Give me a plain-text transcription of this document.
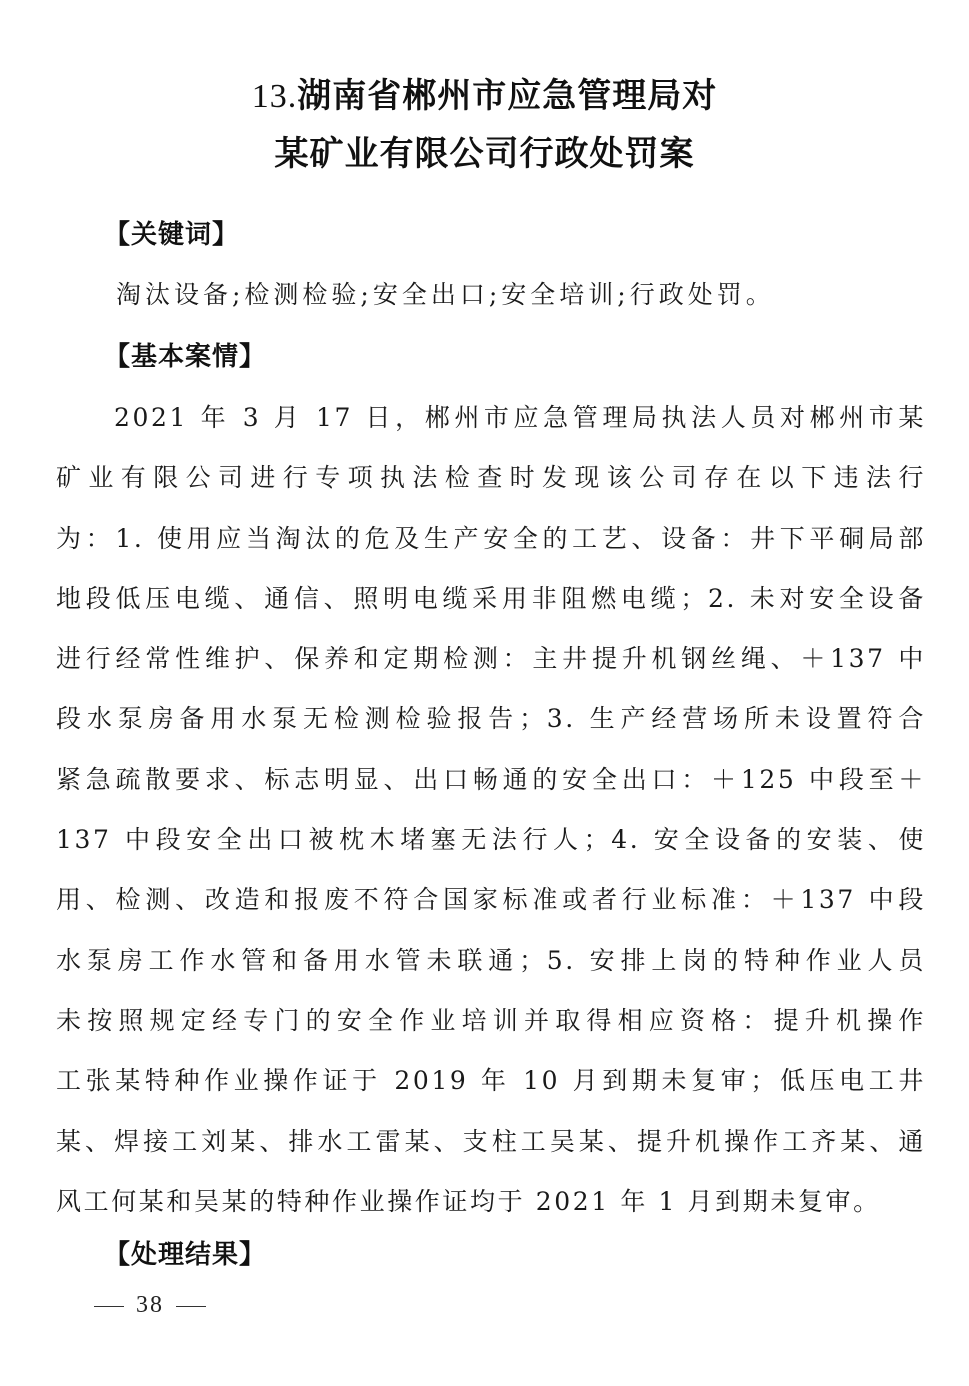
13.湖南省郴州市应急管理局对
某矿业有限公司行政处罚案
【关键词】
淘汰设备;检测检验;安全出口;安全培训;行政处罚。
【基本案情】
2021 年 3 月 17 日，郴州市应急管理局执法人员对郴州市某
矿业有限公司进行专项执法检查时发现该公司存在以下违法行
为：1. 使用应当淘汰的危及生产安全的工艺、设备：井下平硐局部
地段低压电缆、通信、照明电缆采用非阻燃电缆；2. 未对安全设备
进行经常性维护、保养和定期检测：主井提升机钢丝绳、＋137 中
段水泵房备用水泵无检测检验报告；3. 生产经营场所未设置符合
紧急疏散要求、标志明显、出口畅通的安全出口：＋125 中段至＋
137 中段安全出口被枕木堵塞无法行人；4. 安全设备的安装、使
用、检测、改造和报废不符合国家标准或者行业标准：＋137 中段
水泵房工作水管和备用水管未联通；5. 安排上岗的特种作业人员
未按照规定经专门的安全作业培训并取得相应资格：提升机操作
工张某特种作业操作证于 2019 年 10 月到期未复审；低压电工井
某、焊接工刘某、排水工雷某、支柱工吴某、提升机操作工齐某、通
风工何某和吴某的特种作业操作证均于 2021 年 1 月到期未复审。
【处理结果】
38
